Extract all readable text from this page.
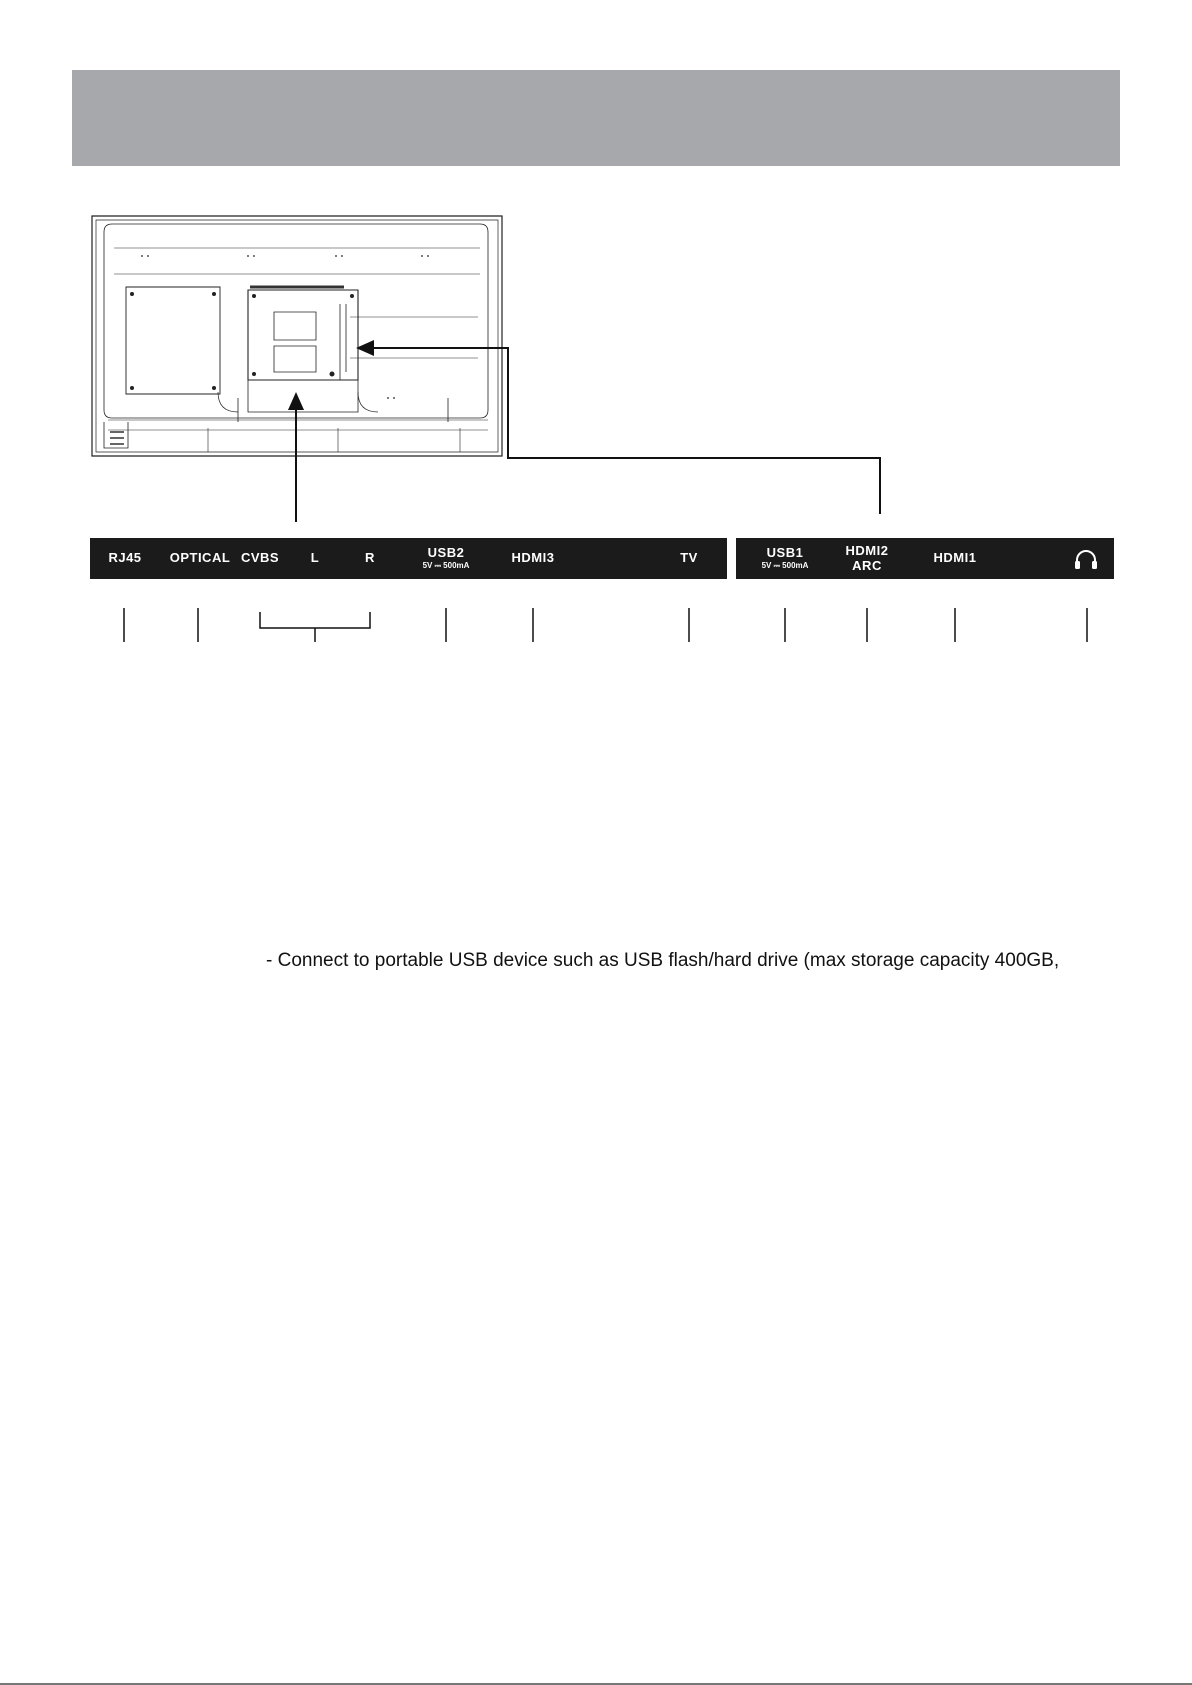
RJ45 OPTICAL CVBS L	R	USB2
5V ⎓ 500mA	HDMI3	TV	USB1
5V ⎓ 500mA
HDMI2
ARC	HDMI1
- Connect to portable USB device such as USB flash/hard drive (max storage capacity 400GB,
